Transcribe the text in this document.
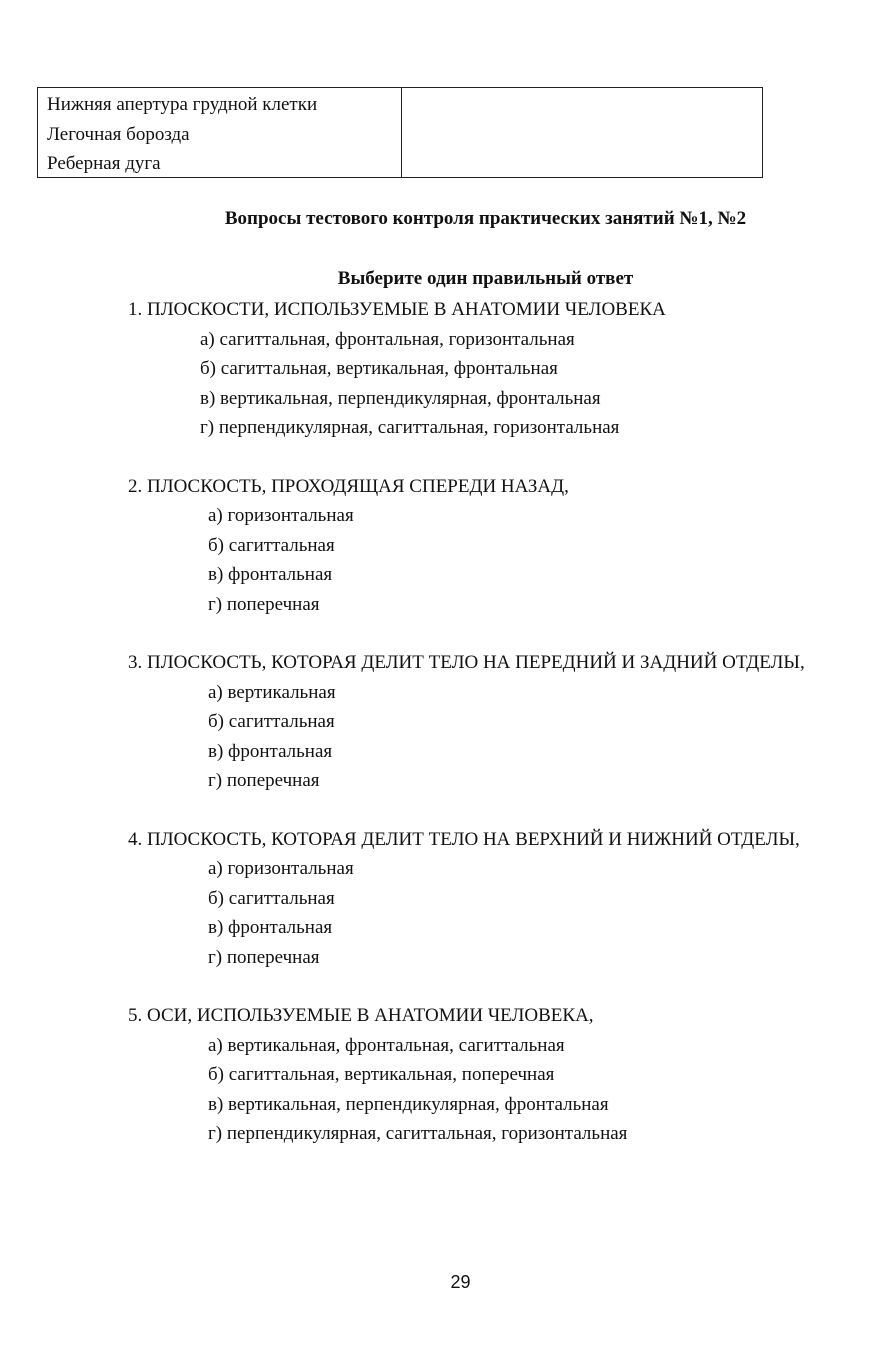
Нижняя апертура грудной клетки
Легочная борозда
Реберная дуга
Вопросы тестового контроля практических занятий №1, №2
Выберите один правильный ответ
1. ПЛОСКОСТИ, ИСПОЛЬЗУЕМЫЕ В АНАТОМИИ ЧЕЛОВЕКА
а) сагиттальная, фронтальная, горизонтальная
б) сагиттальная, вертикальная, фронтальная
в) вертикальная, перпендикулярная, фронтальная
г) перпендикулярная, сагиттальная, горизонтальная
2. ПЛОСКОСТЬ, ПРОХОДЯЩАЯ СПЕРЕДИ НАЗАД,
а) горизонтальная
б) сагиттальная
в) фронтальная
г) поперечная
3. ПЛОСКОСТЬ, КОТОРАЯ ДЕЛИТ ТЕЛО НА ПЕРЕДНИЙ И ЗАДНИЙ ОТДЕЛЫ,
а) вертикальная
б) сагиттальная
в) фронтальная
г) поперечная
4. ПЛОСКОСТЬ, КОТОРАЯ ДЕЛИТ ТЕЛО НА ВЕРХНИЙ И НИЖНИЙ ОТДЕЛЫ,
а) горизонтальная
б) сагиттальная
в) фронтальная
г) поперечная
5. ОСИ, ИСПОЛЬЗУЕМЫЕ В АНАТОМИИ ЧЕЛОВЕКА,
а) вертикальная, фронтальная, сагиттальная
б) сагиттальная, вертикальная, поперечная
в) вертикальная, перпендикулярная, фронтальная
г) перпендикулярная, сагиттальная, горизонтальная
29
